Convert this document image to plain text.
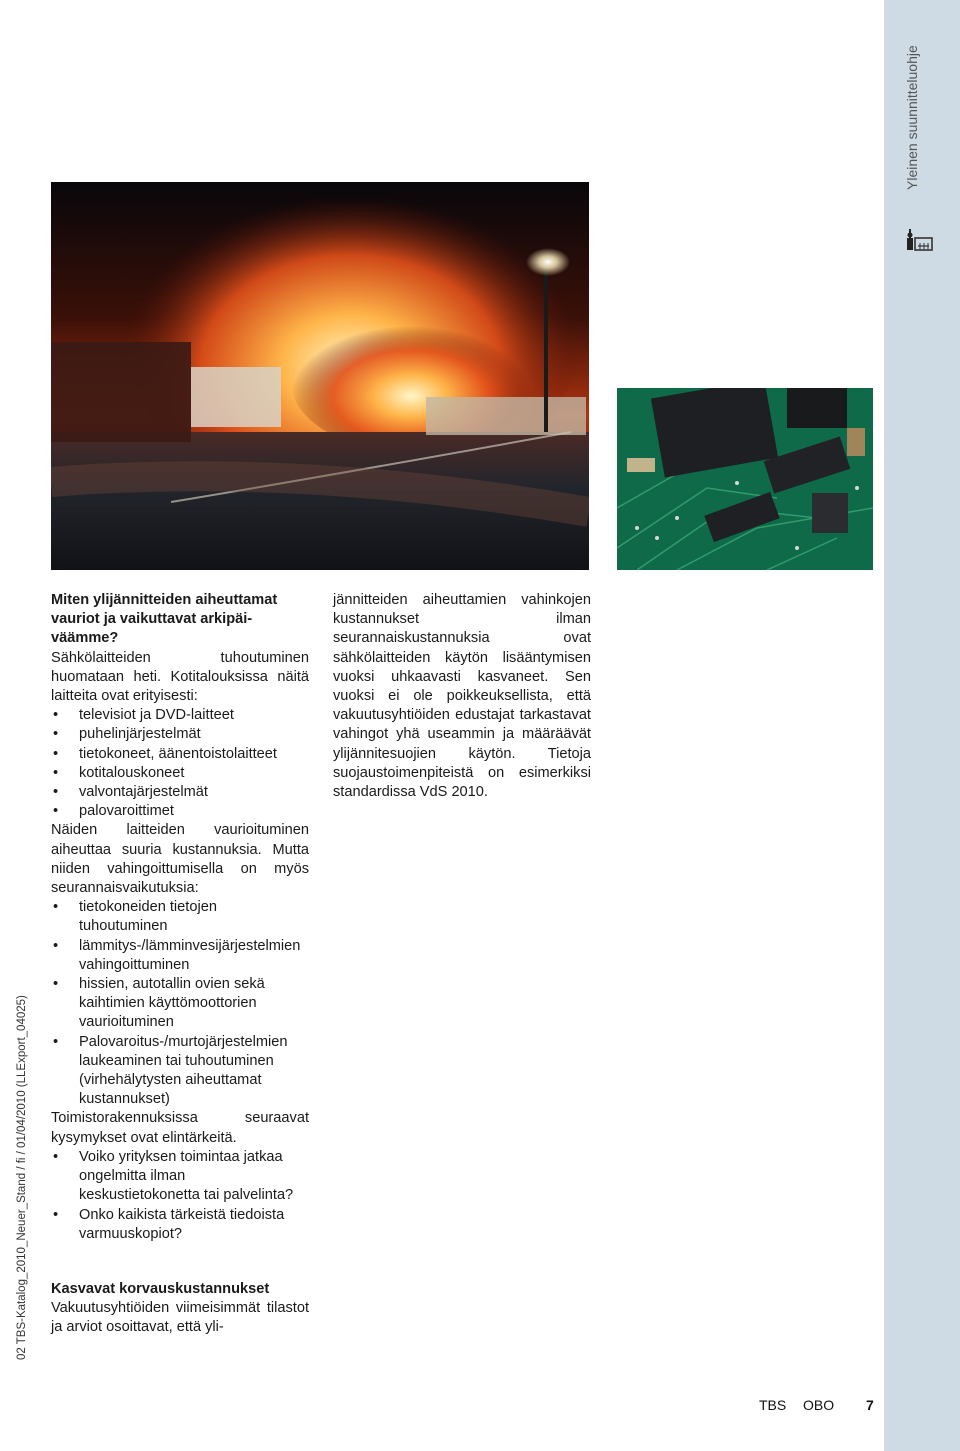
Yleinen suunnitteluohje
02 TBS-Katalog_2010_Neuer_Stand / fi / 01/04/2010 (LLExport_04025)
Miten ylijännitteiden aiheuttamat vauriot ja vaikuttavat arkipäi-väämme?

Sähkölaitteiden tuhoutuminen huomataan heti. Kotitalouksissa näitä laitteita ovat erityisesti:

• televisiot ja DVD-laitteet
• puhelinjärjestelmät
• tietokoneet, äänentoistolaitteet
• kotitalouskoneet
• valvontajärjestelmät
• palovaroittimet

Näiden laitteiden vaurioituminen aiheuttaa suuria kustannuksia. Mutta niiden vahingoittumisella on myös seurannaisvaikutuksia:

• tietokoneiden tietojen tuhoutuminen
• lämmitys-/lämminvesijärjestelmien vahingoittuminen
• hissien, autotallin ovien sekä kaihtimien käyttömoottorien vaurioituminen
• Palovaroitus-/murtojärjestelmien laukeaminen tai tuhoutuminen (virhehälytysten aiheuttamat kustannukset)

Toimistorakennuksissa seuraavat kysymykset ovat elintärkeitä.

• Voiko yrityksen toimintaa jatkaa ongelmitta ilman keskustietokonetta tai palvelinta?
• Onko kaikista tärkeistä tiedoista varmuuskopiot?
Kasvavat korvauskustannukset

Vakuutusyhtiöiden viimeisimmät tilastot ja arviot osoittavat, että yli-

jännitteiden aiheuttamien vahinkojen kustannukset ilman seurannaiskustannuksia ovat sähkölaitteiden käytön lisääntymisen vuoksi uhkaavasti kasvaneet. Sen vuoksi ei ole poikkeuksellista, että vakuutusyhtiöiden edustajat tarkastavat vahingot yhä useammin ja määräävät ylijännitesuojien käytön. Tietoja suojaustoimenpiteistä on esimerkiksi standardissa VdS 2010.

TBS OBO 7
